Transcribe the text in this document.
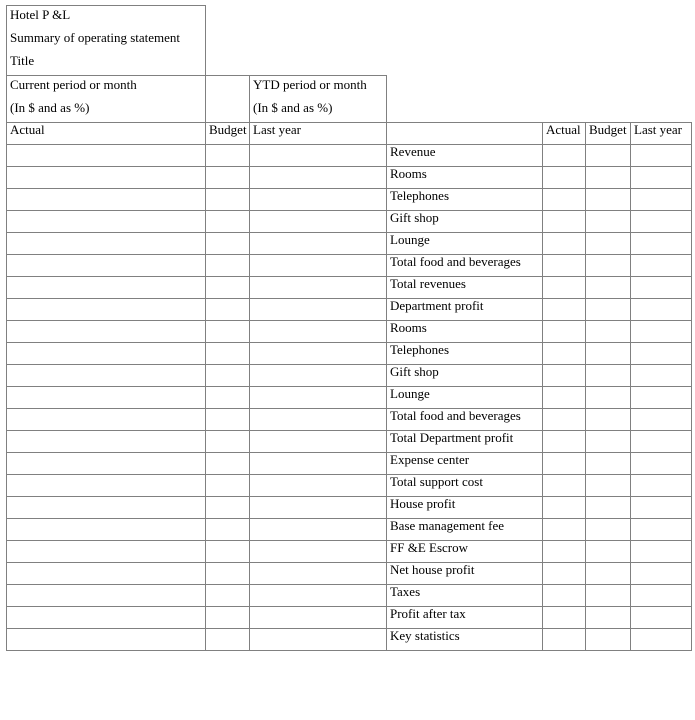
Hotel P &L
Summary of operating statement
Title						

Current period or month
(In $ and as %)		YTD period or month
(In $ and as %)				

Actual	Budget	Last year		Actual	Budget	Last year
			Revenue			
			Rooms			
			Telephones			
			Gift shop			
			Lounge			
			Total food and beverages			
			Total revenues			
			Department profit			
			Rooms			
			Telephones			
			Gift shop			
			Lounge			
			Total food and beverages			
			Total Department profit			
			Expense center			
			Total support cost			
			House profit			
			Base management fee			
			FF &E Escrow			
			Net house profit			
			Taxes			
			Profit after tax			
			Key statistics			
